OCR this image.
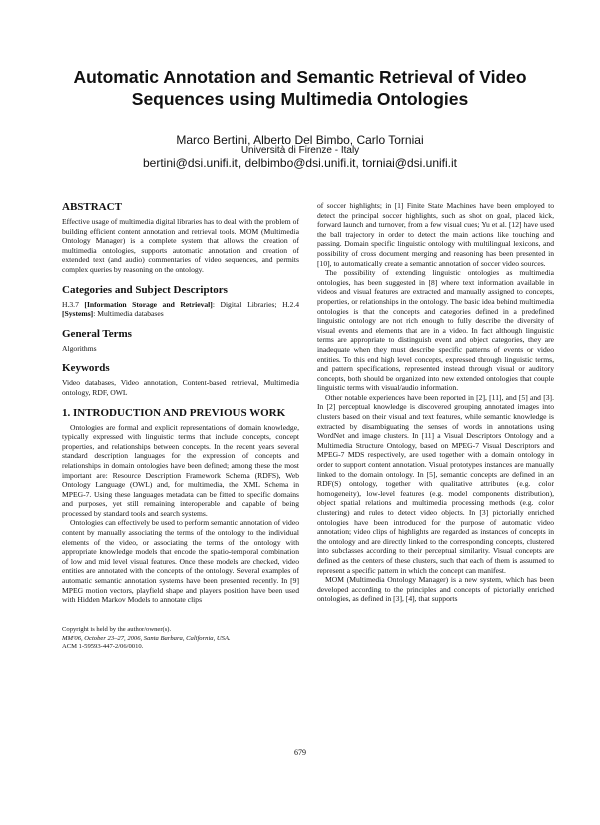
Automatic Annotation and Semantic Retrieval of Video Sequences using Multimedia Ontologies
Marco Bertini, Alberto Del Bimbo, Carlo Torniai
Università di Firenze - Italy
bertini@dsi.unifi.it, delbimbo@dsi.unifi.it, torniai@dsi.unifi.it
ABSTRACT

Effective usage of multimedia digital libraries has to deal with the problem of building efficient content annotation and retrieval tools. MOM (Multimedia Ontology Manager) is a complete system that allows the creation of multimedia ontologies, supports automatic annotation and creation of extended text (and audio) commentaries of video sequences, and permits complex queries by reasoning on the ontology.

Categories and Subject Descriptors

H.3.7 [Information Storage and Retrieval]: Digital Libraries; H.2.4 [Systems]: Multimedia databases

General Terms

Algorithms

Keywords

Video databases, Video annotation, Content-based retrieval, Multimedia ontology, RDF, OWL

1. INTRODUCTION AND PREVIOUS WORK

Ontologies are formal and explicit representations of domain knowledge, typically expressed with linguistic terms that include concepts, concept properties, and relationships between concepts. In the recent years several standard description languages for the expression of concepts and relationships in domain ontologies have been defined; among these the most important are: Resource Description Framework Schema (RDFS), Web Ontology Language (OWL) and, for multimedia, the XML Schema in MPEG-7. Using these languages metadata can be fitted to specific domains and purposes, yet still remaining interoperable and capable of being processed by standard tools and search systems.

Ontologies can effectively be used to perform semantic annotation of video content by manually associating the terms of the ontology to the individual elements of the video, or associating the terms of the ontology with appropriate knowledge models that encode the spatio-temporal combination of low and mid level visual features. Once these models are checked, video entities are annotated with the concepts of the ontology. Several examples of automatic semantic annotation systems have been presented recently. In [9] MPEG motion vectors, playfield shape and players position have been used with Hidden Markov Models to annotate clips

Copyright is held by the author/owner(s).
MM'06, October 23–27, 2006, Santa Barbara, California, USA.
ACM 1-59593-447-2/06/0010.

of soccer highlights; in [1] Finite State Machines have been employed to detect the principal soccer highlights, such as shot on goal, placed kick, forward launch and turnover, from a few visual cues; Yu et al. [12] have used the ball trajectory in order to detect the main actions like touching and passing. Domain specific linguistic ontology with multilingual lexicons, and possibility of cross document merging and reasoning has been presented in [10], to automatically create a semantic annotation of soccer video sources.

The possibility of extending linguistic ontologies as multimedia ontologies, has been suggested in [8] where text information available in videos and visual features are extracted and manually assigned to concepts, properties, or relationships in the ontology. The basic idea behind multimedia ontologies is that the concepts and categories defined in a predefined linguistic ontology are not rich enough to fully describe the diversity of visual events and elements that are in a video. In fact although linguistic terms are appropriate to distinguish event and object categories, they are inadequate when they must describe specific patterns of events or video entities. To this end high level concepts, expressed through linguistic terms, and pattern specifications, represented instead through visual or auditory concepts, both should be organized into new extended ontologies that couple linguistic terms with visual/audio information.

Other notable experiences have been reported in [2], [11], and [5] and [3]. In [2] perceptual knowledge is discovered grouping annotated images into clusters based on their visual and text features, while semantic knowledge is extracted by disambiguating the senses of words in annotations using WordNet and image clusters. In [11] a Visual Descriptors Ontology and a Multimedia Structure Ontology, based on MPEG-7 Visual Descriptors and MPEG-7 MDS respectively, are used together with a domain ontology in order to support content annotation. Visual prototypes instances are manually linked to the domain ontology. In [5], semantic concepts are defined in an RDF(S) ontology, together with qualitative attributes (e.g. color homogeneity), low-level features (e.g. model components distribution), object spatial relations and multimedia processing methods (e.g. color clustering) and rules to detect video objects. In [3] pictorially enriched ontologies have been introduced for the purpose of automatic video annotation; video clips of highlights are regarded as instances of concepts in the ontology and are directly linked to the corresponding concepts, clustered into subclasses according to their perceptual similarity. Visual concepts are defined as the centers of these clusters, such that each of them is assumed to represent a specific pattern in which the concept can manifest.

MOM (Multimedia Ontology Manager) is a new system, which has been developed according to the principles and concepts of pictorially enriched ontologies, as defined in [3], [4], that supports

679
